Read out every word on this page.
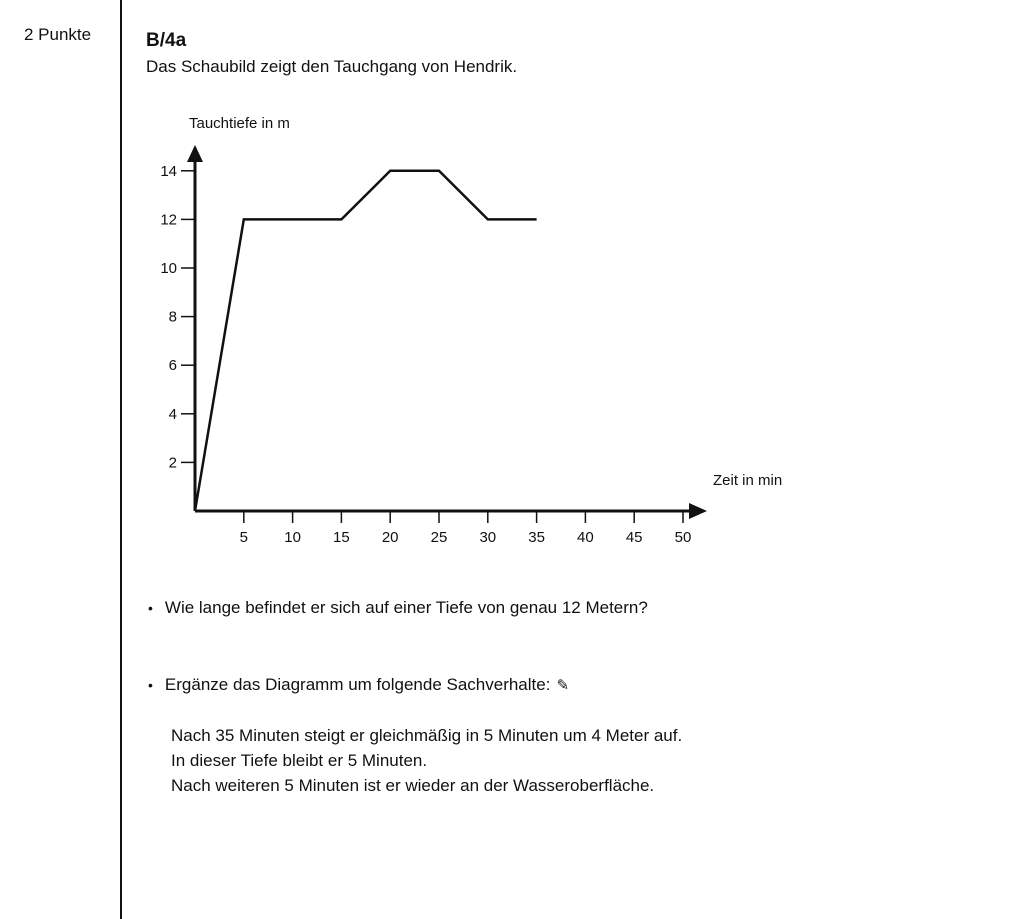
2 Punkte	B/4a
Das Schaubild zeigt den Tauchgang von Hendrik.
Tauchtiefe in m
Zeit in min
2
4
6
8
10
12
14
5 10 15 20 25 30 35 40 45 50
• Wie lange befindet er sich auf einer Tiefe von genau 12 Metern?
• Ergänze das Diagramm um folgende Sachverhalte: ✎
Nach 35 Minuten steigt er gleichmäßig in 5 Minuten um 4 Meter auf.
In dieser Tiefe bleibt er 5 Minuten.
Nach weiteren 5 Minuten ist er wieder an der Wasseroberfläche.
